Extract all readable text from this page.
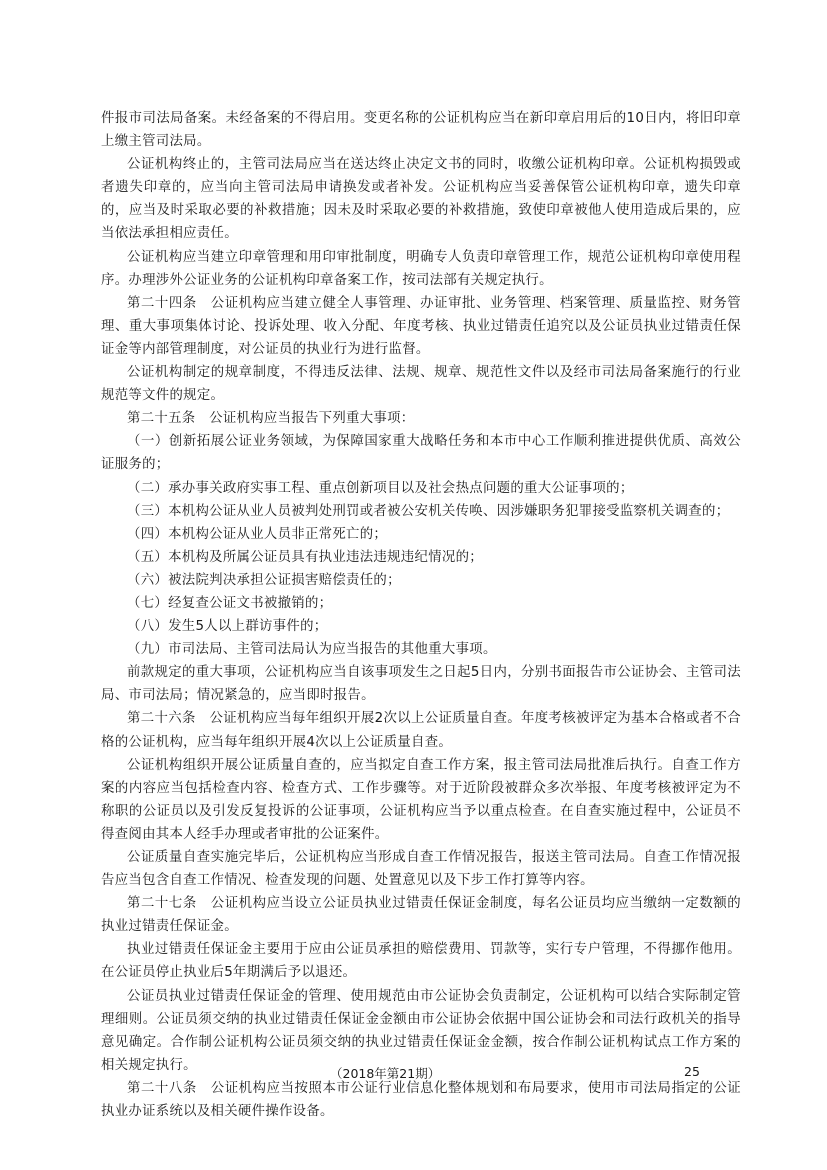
件报市司法局备案。未经备案的不得启用。变更名称的公证机构应当在新印章启用后的10日内，将旧印章上缴主管司法局。

公证机构终止的，主管司法局应当在送达终止决定文书的同时，收缴公证机构印章。公证机构损毁或者遗失印章的，应当向主管司法局申请换发或者补发。公证机构应当妥善保管公证机构印章，遗失印章的，应当及时采取必要的补救措施；因未及时采取必要的补救措施，致使印章被他人使用造成后果的，应当依法承担相应责任。

公证机构应当建立印章管理和用印审批制度，明确专人负责印章管理工作，规范公证机构印章使用程序。办理涉外公证业务的公证机构印章备案工作，按司法部有关规定执行。

第二十四条　公证机构应当建立健全人事管理、办证审批、业务管理、档案管理、质量监控、财务管理、重大事项集体讨论、投诉处理、收入分配、年度考核、执业过错责任追究以及公证员执业过错责任保证金等内部管理制度，对公证员的执业行为进行监督。

公证机构制定的规章制度，不得违反法律、法规、规章、规范性文件以及经市司法局备案施行的行业规范等文件的规定。

第二十五条　公证机构应当报告下列重大事项：

（一）创新拓展公证业务领域，为保障国家重大战略任务和本市中心工作顺利推进提供优质、高效公证服务的；

（二）承办事关政府实事工程、重点创新项目以及社会热点问题的重大公证事项的；

（三）本机构公证从业人员被判处刑罚或者被公安机关传唤、因涉嫌职务犯罪接受监察机关调查的；

（四）本机构公证从业人员非正常死亡的；

（五）本机构及所属公证员具有执业违法违规违纪情况的；

（六）被法院判决承担公证损害赔偿责任的；

（七）经复查公证文书被撤销的；

（八）发生5人以上群访事件的；

（九）市司法局、主管司法局认为应当报告的其他重大事项。

前款规定的重大事项，公证机构应当自该事项发生之日起5日内，分别书面报告市公证协会、主管司法局、市司法局；情况紧急的，应当即时报告。

第二十六条　公证机构应当每年组织开展2次以上公证质量自查。年度考核被评定为基本合格或者不合格的公证机构，应当每年组织开展4次以上公证质量自查。

公证机构组织开展公证质量自查的，应当拟定自查工作方案，报主管司法局批准后执行。自查工作方案的内容应当包括检查内容、检查方式、工作步骤等。对于近阶段被群众多次举报、年度考核被评定为不称职的公证员以及引发反复投诉的公证事项，公证机构应当予以重点检查。在自查实施过程中，公证员不得查阅由其本人经手办理或者审批的公证案件。

公证质量自查实施完毕后，公证机构应当形成自查工作情况报告，报送主管司法局。自查工作情况报告应当包含自查工作情况、检查发现的问题、处置意见以及下步工作打算等内容。

第二十七条　公证机构应当设立公证员执业过错责任保证金制度，每名公证员均应当缴纳一定数额的执业过错责任保证金。

执业过错责任保证金主要用于应由公证员承担的赔偿费用、罚款等，实行专户管理，不得挪作他用。在公证员停止执业后5年期满后予以退还。

公证员执业过错责任保证金的管理、使用规范由市公证协会负责制定，公证机构可以结合实际制定管理细则。公证员须交纳的执业过错责任保证金金额由市公证协会依据中国公证协会和司法行政机关的指导意见确定。合作制公证机构公证员须交纳的执业过错责任保证金金额，按合作制公证机构试点工作方案的相关规定执行。

第二十八条　公证机构应当按照本市公证行业信息化整体规划和布局要求，使用市司法局指定的公证执业办证系统以及相关硬件操作设备。

（2018年第21期）	25
